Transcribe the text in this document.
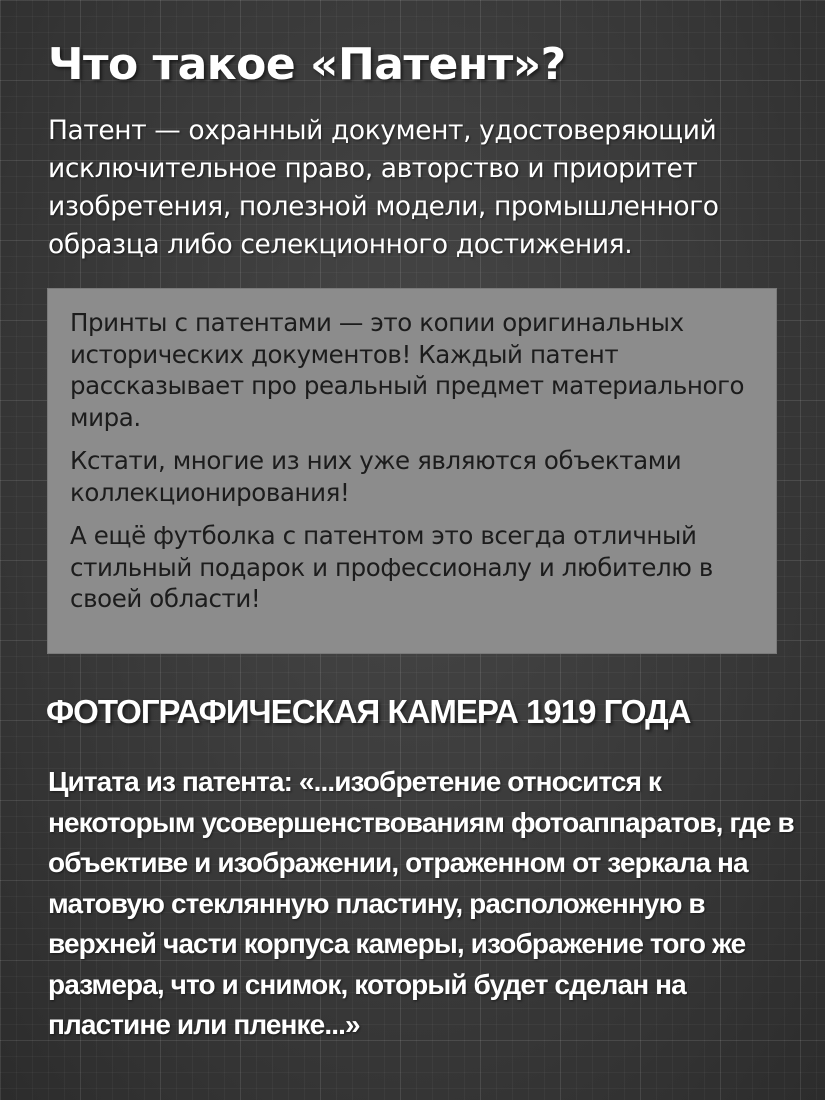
Что такое «Патент»?

Патент — охранный документ, удостоверяющий исключительное право, авторство и приоритет изобретения, полезной модели, промышленного образца либо селекционного достижения.

Принты с патентами — это копии оригинальных исторических документов! Каждый патент рассказывает про реальный предмет материального мира.

Кстати, многие из них уже являются объектами коллекционирования!

А ещё футболка с патентом это всегда отличный стильный подарок и профессионалу и любителю в своей области!

ФОТОГРАФИЧЕСКАЯ КАМЕРА 1919 ГОДА

Цитата из патента: «...изобретение относится к некоторым усовершенствованиям фотоаппаратов, где в объективе и изображении, отраженном от зеркала на матовую стеклянную пластину, расположенную в верхней части корпуса камеры, изображение того же размера, что и снимок, который будет сделан на пластине или пленке...»
